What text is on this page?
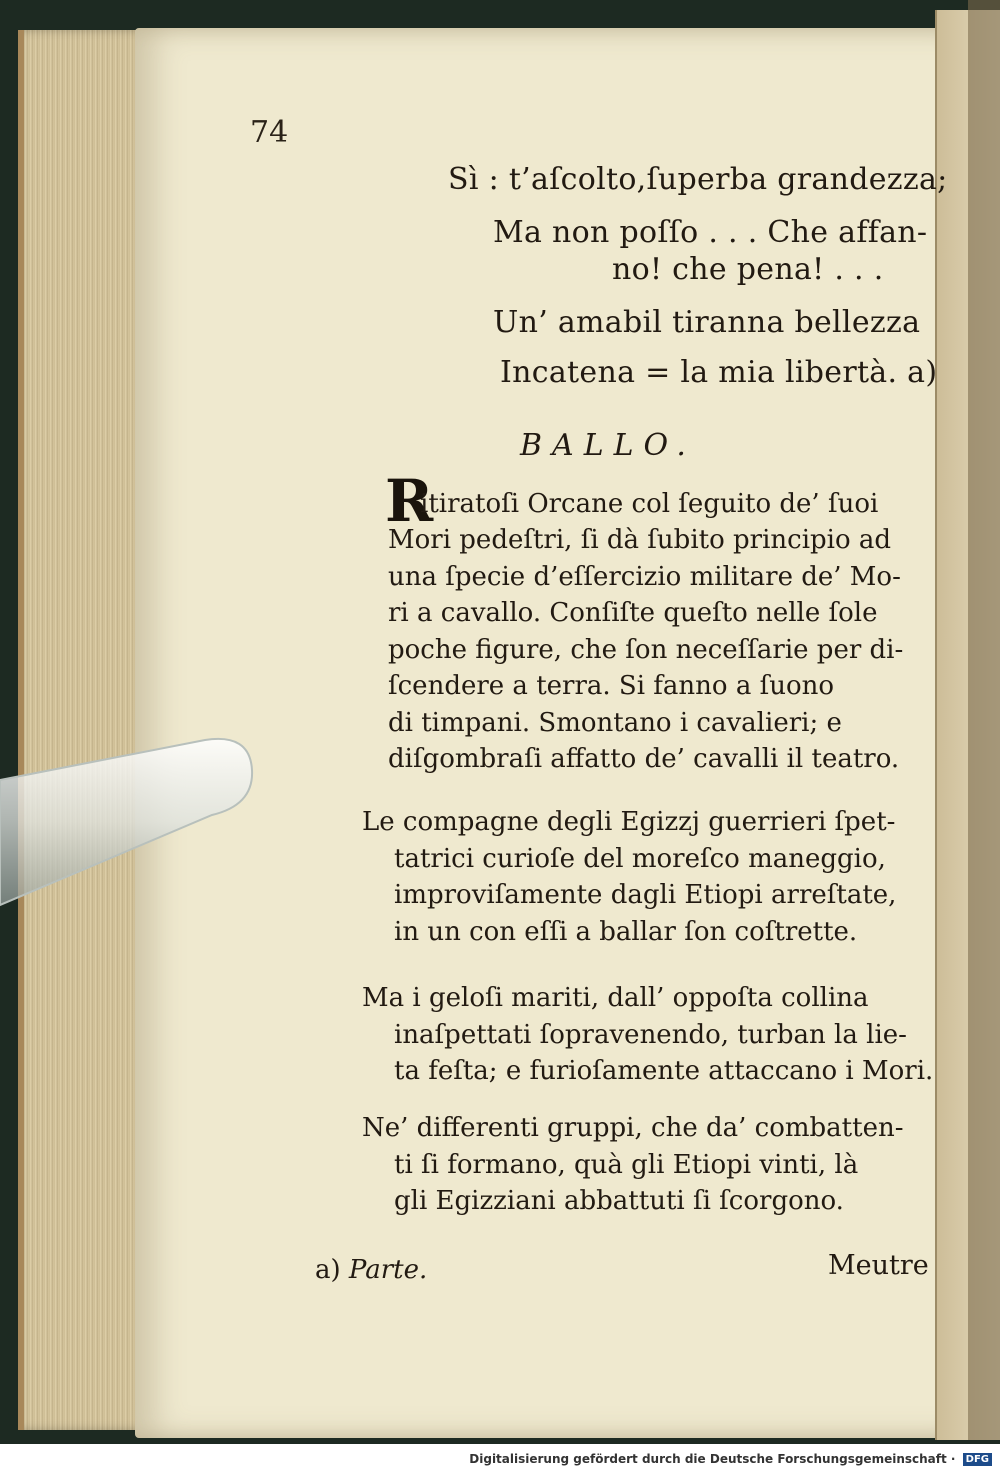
74
Sì : t’aſcolto,ſuperba grandezza;
Ma non poſſo . . . Che affan-
no! che pena! . . .
Un’ amabil tiranna bellezza
Incatena = la mia libertà. a)
BALLO.
R

itiratoſi Orcane col ſeguito de’ ſuoi

Mori pedeſtri, ſi dà ſubito principio ad

una ſpecie d’eſſercizio militare de’ Mo-

ri a cavallo. Conſiſte queſto nelle ſole

poche figure, che ſon neceſſarie per di-

ſcendere a terra. Si fanno a ſuono

di timpani. Smontano i cavalieri; e

diſgombraſi affatto de’ cavalli il teatro.

Le compagne degli Egizzj guerrieri ſpet-

tatrici curioſe del moreſco maneggio,

improviſamente dagli Etiopi arreſtate,

in un con eſſi a ballar ſon coſtrette.

Ma i geloſi mariti, dall’ oppoſta collina

inaſpettati ſopravenendo, turban la lie-

ta feſta; e furioſamente attaccano i Mori.

Ne’ differenti gruppi, che da’ combatten-

ti ſi formano, quà gli Etiopi vinti, là

gli Egizziani abbattuti ſi ſcorgono.

a) Parte.	Meutre
Digitalisierung gefördert durch die Deutsche Forschungsgemeinschaft · DFG
